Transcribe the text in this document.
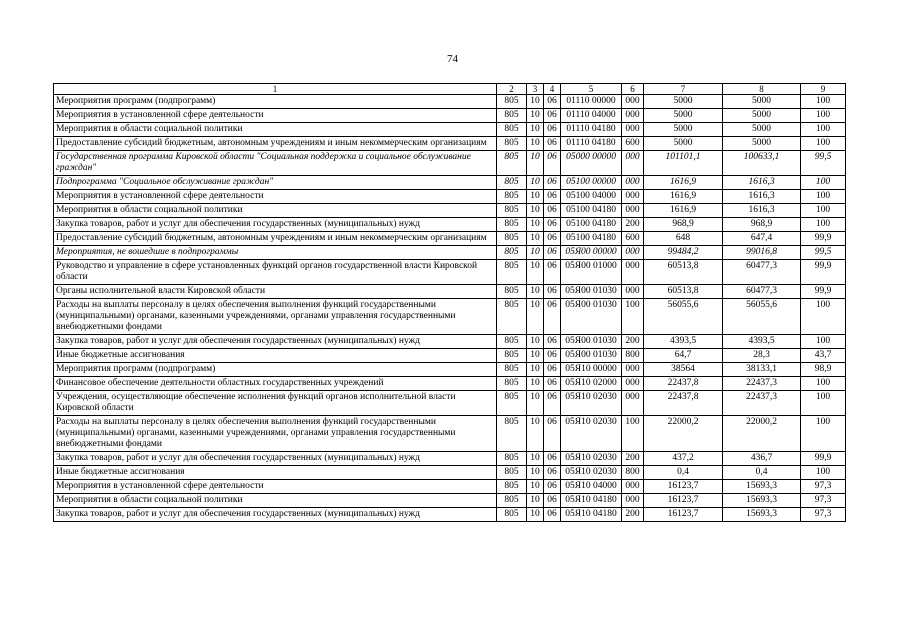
74
1	2	3	4	5	6	7	8	9
Мероприятия программ (подпрограмм)	805	10	06	01110 00000	000	5000	5000	100
Мероприятия в установленной сфере деятельности	805	10	06	01110 04000	000	5000	5000	100
Мероприятия в области социальной политики	805	10	06	01110 04180	000	5000	5000	100
Предоставление субсидий бюджетным, автономным учреждениям и иным некоммерческим организациям	805	10	06	01110 04180	600	5000	5000	100
Государственная программа Кировской области "Социальная поддержка и социальное обслуживание граждан"	805	10	06	05000 00000	000	101101,1	100633,1	99,5
Подпрограмма "Социальное обслуживание граждан"	805	10	06	05100 00000	000	1616,9	1616,3	100
Мероприятия в установленной сфере деятельности	805	10	06	05100 04000	000	1616,9	1616,3	100
Мероприятия в области социальной политики	805	10	06	05100 04180	000	1616,9	1616,3	100
Закупка товаров, работ и услуг для обеспечения государственных (муниципальных) нужд	805	10	06	05100 04180	200	968,9	968,9	100
Предоставление субсидий бюджетным, автономным учреждениям и иным некоммерческим организациям	805	10	06	05100 04180	600	648	647,4	99,9
Мероприятия, не вошедшие в подпрограммы	805	10	06	05Я00 00000	000	99484,2	99016,8	99,5
Руководство и управление в сфере установленных функций органов государственной власти Кировской области	805	10	06	05Я00 01000	000	60513,8	60477,3	99,9
Органы исполнительной власти Кировской области	805	10	06	05Я00 01030	000	60513,8	60477,3	99,9
Расходы на выплаты персоналу в целях обеспечения выполнения функций государственными (муниципальными) органами, казенными учреждениями, органами управления государственными внебюджетными фондами	805	10	06	05Я00 01030	100	56055,6	56055,6	100
Закупка товаров, работ и услуг для обеспечения государственных (муниципальных) нужд	805	10	06	05Я00 01030	200	4393,5	4393,5	100
Иные бюджетные ассигнования	805	10	06	05Я00 01030	800	64,7	28,3	43,7
Мероприятия программ (подпрограмм)	805	10	06	05Я10 00000	000	38564	38133,1	98,9
Финансовое обеспечение деятельности областных государственных учреждений	805	10	06	05Я10 02000	000	22437,8	22437,3	100
Учреждения, осуществляющие обеспечение исполнения функций органов исполнительной власти Кировской области	805	10	06	05Я10 02030	000	22437,8	22437,3	100
Расходы на выплаты персоналу в целях обеспечения выполнения функций государственными (муниципальными) органами, казенными учреждениями, органами управления государственными внебюджетными фондами	805	10	06	05Я10 02030	100	22000,2	22000,2	100
Закупка товаров, работ и услуг для обеспечения государственных (муниципальных) нужд	805	10	06	05Я10 02030	200	437,2	436,7	99,9
Иные бюджетные ассигнования	805	10	06	05Я10 02030	800	0,4	0,4	100
Мероприятия в установленной сфере деятельности	805	10	06	05Я10 04000	000	16123,7	15693,3	97,3
Мероприятия в области социальной политики	805	10	06	05Я10 04180	000	16123,7	15693,3	97,3
Закупка товаров, работ и услуг для обеспечения государственных (муниципальных) нужд	805	10	06	05Я10 04180	200	16123,7	15693,3	97,3
